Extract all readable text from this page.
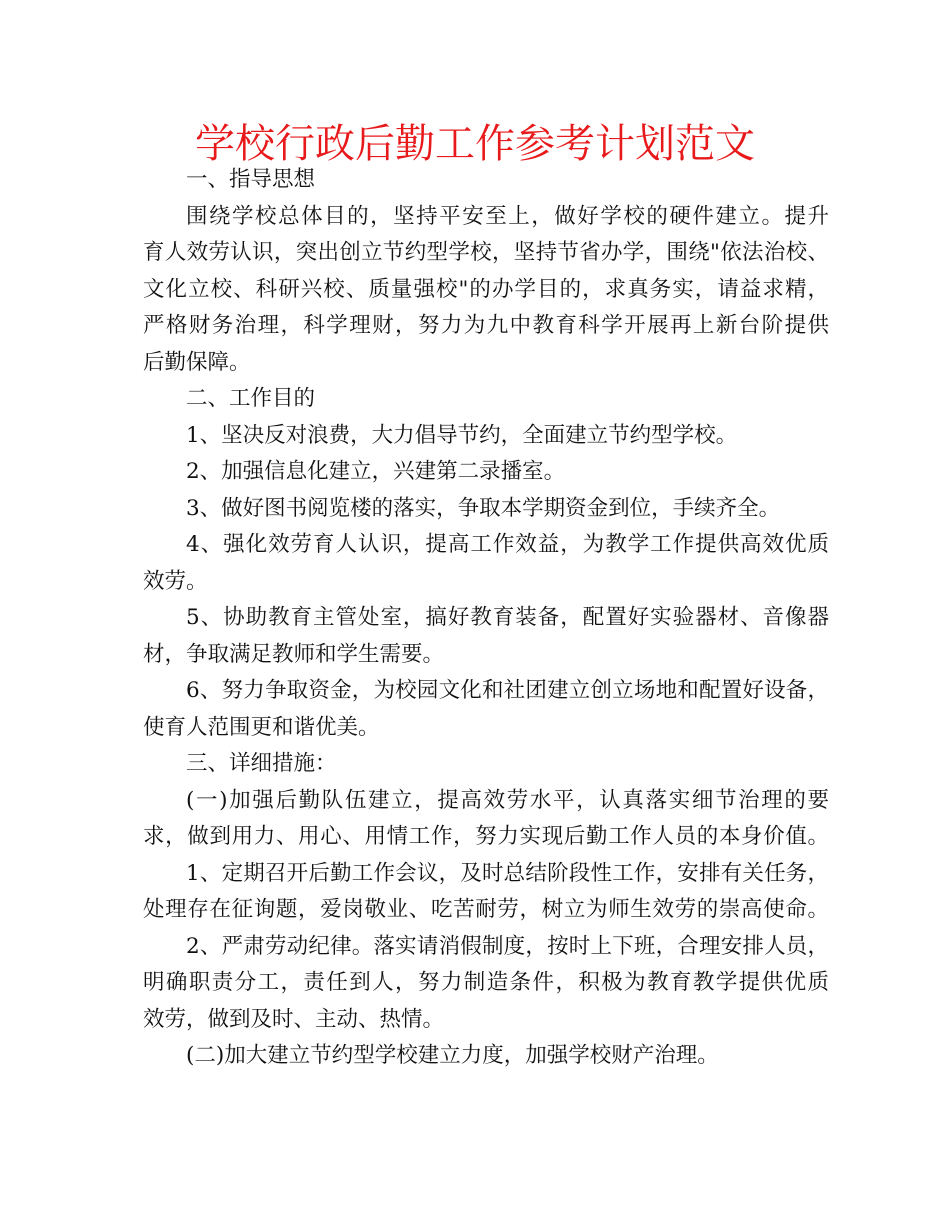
学校行政后勤工作参考计划范文
一、指导思想
围绕学校总体目的，坚持平安至上，做好学校的硬件建立。提升
育人效劳认识，突出创立节约型学校，坚持节省办学，围绕"依法治校、
文化立校、科研兴校、质量强校"的办学目的，求真务实，请益求精，
严格财务治理，科学理财，努力为九中教育科学开展再上新台阶提供
后勤保障。
二、工作目的
1、坚决反对浪费，大力倡导节约，全面建立节约型学校。
2、加强信息化建立，兴建第二录播室。
3、做好图书阅览楼的落实，争取本学期资金到位，手续齐全。
4、强化效劳育人认识，提高工作效益，为教学工作提供高效优质
效劳。
5、协助教育主管处室，搞好教育装备，配置好实验器材、音像器
材，争取满足教师和学生需要。
6、努力争取资金，为校园文化和社团建立创立场地和配置好设备，
使育人范围更和谐优美。
三、详细措施：
(一)加强后勤队伍建立，提高效劳水平，认真落实细节治理的要
求，做到用力、用心、用情工作，努力实现后勤工作人员的本身价值。
1、定期召开后勤工作会议，及时总结阶段性工作，安排有关任务，
处理存在征询题，爱岗敬业、吃苦耐劳，树立为师生效劳的崇高使命。
2、严肃劳动纪律。落实请消假制度，按时上下班，合理安排人员，
明确职责分工，责任到人，努力制造条件，积极为教育教学提供优质
效劳，做到及时、主动、热情。
(二)加大建立节约型学校建立力度，加强学校财产治理。
